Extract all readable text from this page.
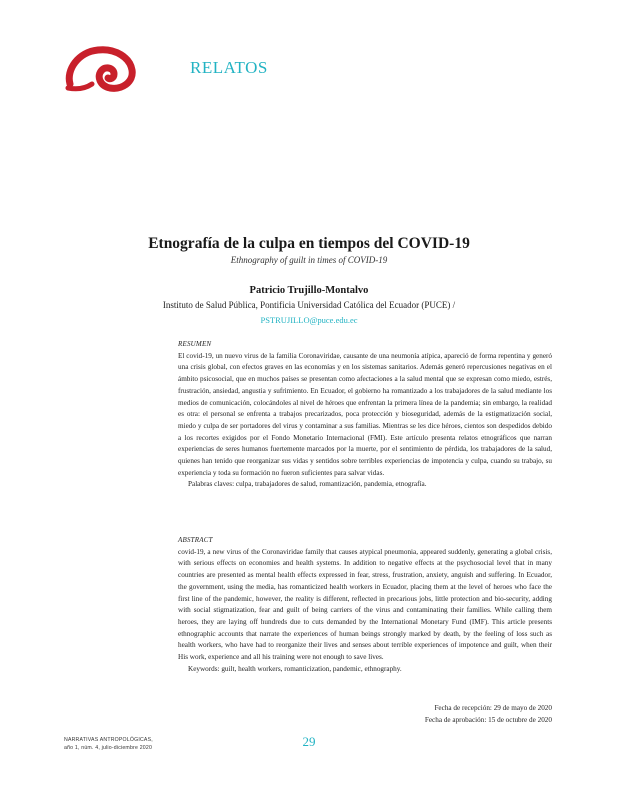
RELATOS
Etnografía de la culpa en tiempos del COVID-19
Ethnography of guilt in times of COVID-19
Patricio Trujillo-Montalvo
Instituto de Salud Pública, Pontificia Universidad Católica del Ecuador (PUCE) /
PSTRUJILLO@puce.edu.ec
RESUMEN
El covid-19, un nuevo virus de la familia Coronaviridae, causante de una neumonía atípica, apareció de forma repentina y generó una crisis global, con efectos graves en las economías y en los sistemas sanitarios. Además generó repercusiones negativas en el ámbito psicosocial, que en muchos países se presentan como afectaciones a la salud mental que se expresan como miedo, estrés, frustración, ansiedad, angustia y sufrimiento. En Ecuador, el gobierno ha romantizado a los trabajadores de la salud mediante los medios de comunicación, colocándoles al nivel de héroes que enfrentan la primera línea de la pandemia; sin embargo, la realidad es otra: el personal se enfrenta a trabajos precarizados, poca protección y bioseguridad, además de la estigmatización social, miedo y culpa de ser portadores del virus y contaminar a sus familias. Mientras se les dice héroes, cientos son despedidos debido a los recortes exigidos por el Fondo Monetario Internacional (FMI). Este artículo presenta relatos etnográficos que narran experiencias de seres humanos fuertemente marcados por la muerte, por el sentimiento de pérdida, los trabajadores de la salud, quienes han tenido que reorganizar sus vidas y sentidos sobre terribles experiencias de impotencia y culpa, cuando su trabajo, su experiencia y toda su formación no fueron suficientes para salvar vidas.
Palabras claves: culpa, trabajadores de salud, romantización, pandemia, etnografía.
ABSTRACT
covid-19, a new virus of the Coronaviridae family that causes atypical pneumonia, appeared suddenly, generating a global crisis, with serious effects on economies and health systems. In addition to negative effects at the psychosocial level that in many countries are presented as mental health effects expressed in fear, stress, frustration, anxiety, anguish and suffering. In Ecuador, the government, using the media, has romanticized health workers in Ecuador, placing them at the level of heroes who face the first line of the pandemic, however, the reality is different, reflected in precarious jobs, little protection and bio-security, adding with social stigmatization, fear and guilt of being carriers of the virus and contaminating their families. While calling them heroes, they are laying off hundreds due to cuts demanded by the International Monetary Fund (IMF). This article presents ethnographic accounts that narrate the experiences of human beings strongly marked by death, by the feeling of loss such as health workers, who have had to reorganize their lives and senses about terrible experiences of impotence and guilt, when their His work, experience and all his training were not enough to save lives.
Keywords: guilt, health workers, romanticization, pandemic, ethnography.
Fecha de recepción: 29 de mayo de 2020
Fecha de aprobación: 15 de octubre de 2020
NARRATIVAS ANTROPOLÓGICAS,
año 1, núm. 4, julio-diciembre 2020	29
